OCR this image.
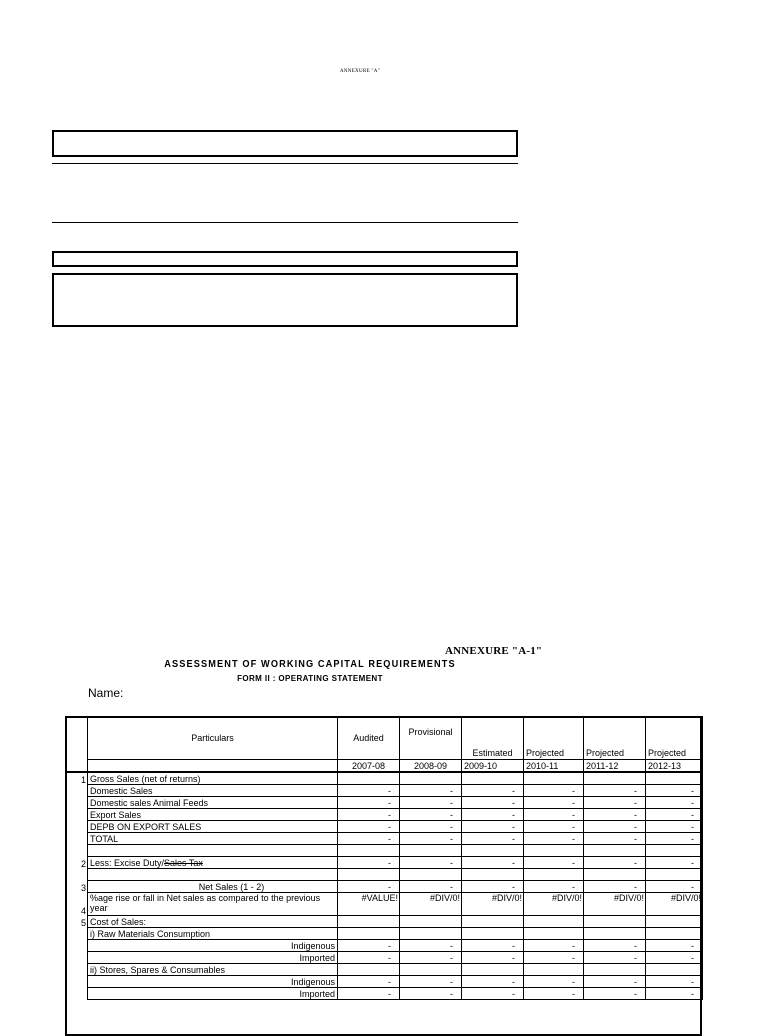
ANNEXURE "A"
ANNEXURE "A-1"
ASSESSMENT OF WORKING CAPITAL REQUIREMENTS
FORM II : OPERATING STATEMENT
Name:
	Particulars	Audited	Provisional	Estimated	Projected	Projected	Projected
		2007-08	2008-09	2009-10	2010-11	2011-12	2012-13
1	Gross Sales (net of returns)						
	Domestic Sales	-	-	-	-	-	-
	Domestic sales Animal Feeds	-	-	-	-	-	-
	Export Sales	-	-	-	-	-	-
	DEPB ON EXPORT SALES	-	-	-	-	-	-
	TOTAL	-	-	-	-	-	-

2	Less: Excise Duty/Sales Tax	-	-	-	-	-	-

3	Net Sales (1 - 2)	-	-	-	-	-	-
4	%age rise or fall in Net sales as compared to the previous year	#VALUE!	#DIV/0!	#DIV/0!	#DIV/0!	#DIV/0!	#DIV/0!
5	Cost of Sales:						
	i) Raw Materials Consumption						
	Indigenous	-	-	-	-	-	-
	Imported	-	-	-	-	-	-
	ii) Stores, Spares & Consumables						
	Indigenous	-	-	-	-	-	-
	Imported	-	-	-	-	-	-
